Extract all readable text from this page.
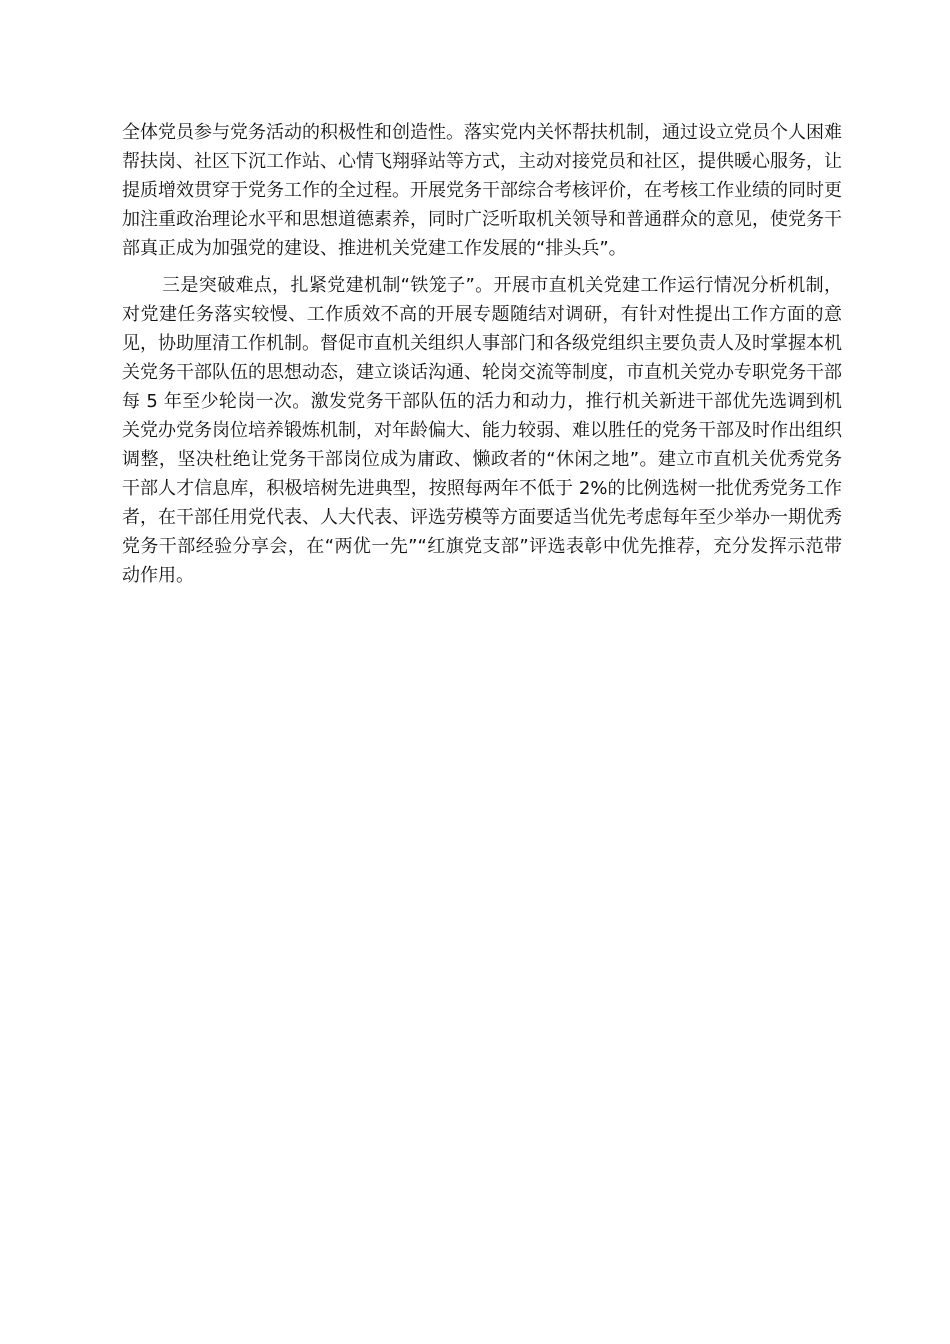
全体党员参与党务活动的积极性和创造性。落实党内关怀帮扶机制，通过设立党员个人困难帮扶岗、社区下沉工作站、心情飞翔驿站等方式，主动对接党员和社区，提供暖心服务，让提质增效贯穿于党务工作的全过程。开展党务干部综合考核评价，在考核工作业绩的同时更加注重政治理论水平和思想道德素养，同时广泛听取机关领导和普通群众的意见，使党务干部真正成为加强党的建设、推进机关党建工作发展的“排头兵”。

三是突破难点，扎紧党建机制“铁笼子”。开展市直机关党建工作运行情况分析机制，对党建任务落实较慢、工作质效不高的开展专题随结对调研，有针对性提出工作方面的意见，协助厘清工作机制。督促市直机关组织人事部门和各级党组织主要负责人及时掌握本机关党务干部队伍的思想动态，建立谈话沟通、轮岗交流等制度，市直机关党办专职党务干部每 5 年至少轮岗一次。激发党务干部队伍的活力和动力，推行机关新进干部优先选调到机关党办党务岗位培养锻炼机制，对年龄偏大、能力较弱、难以胜任的党务干部及时作出组织调整，坚决杜绝让党务干部岗位成为庸政、懒政者的“休闲之地”。建立市直机关优秀党务干部人才信息库，积极培树先进典型，按照每两年不低于 2%的比例选树一批优秀党务工作者，在干部任用党代表、人大代表、评选劳模等方面要适当优先考虑每年至少举办一期优秀党务干部经验分享会，在“两优一先”“红旗党支部”评选表彰中优先推荐，充分发挥示范带动作用。
